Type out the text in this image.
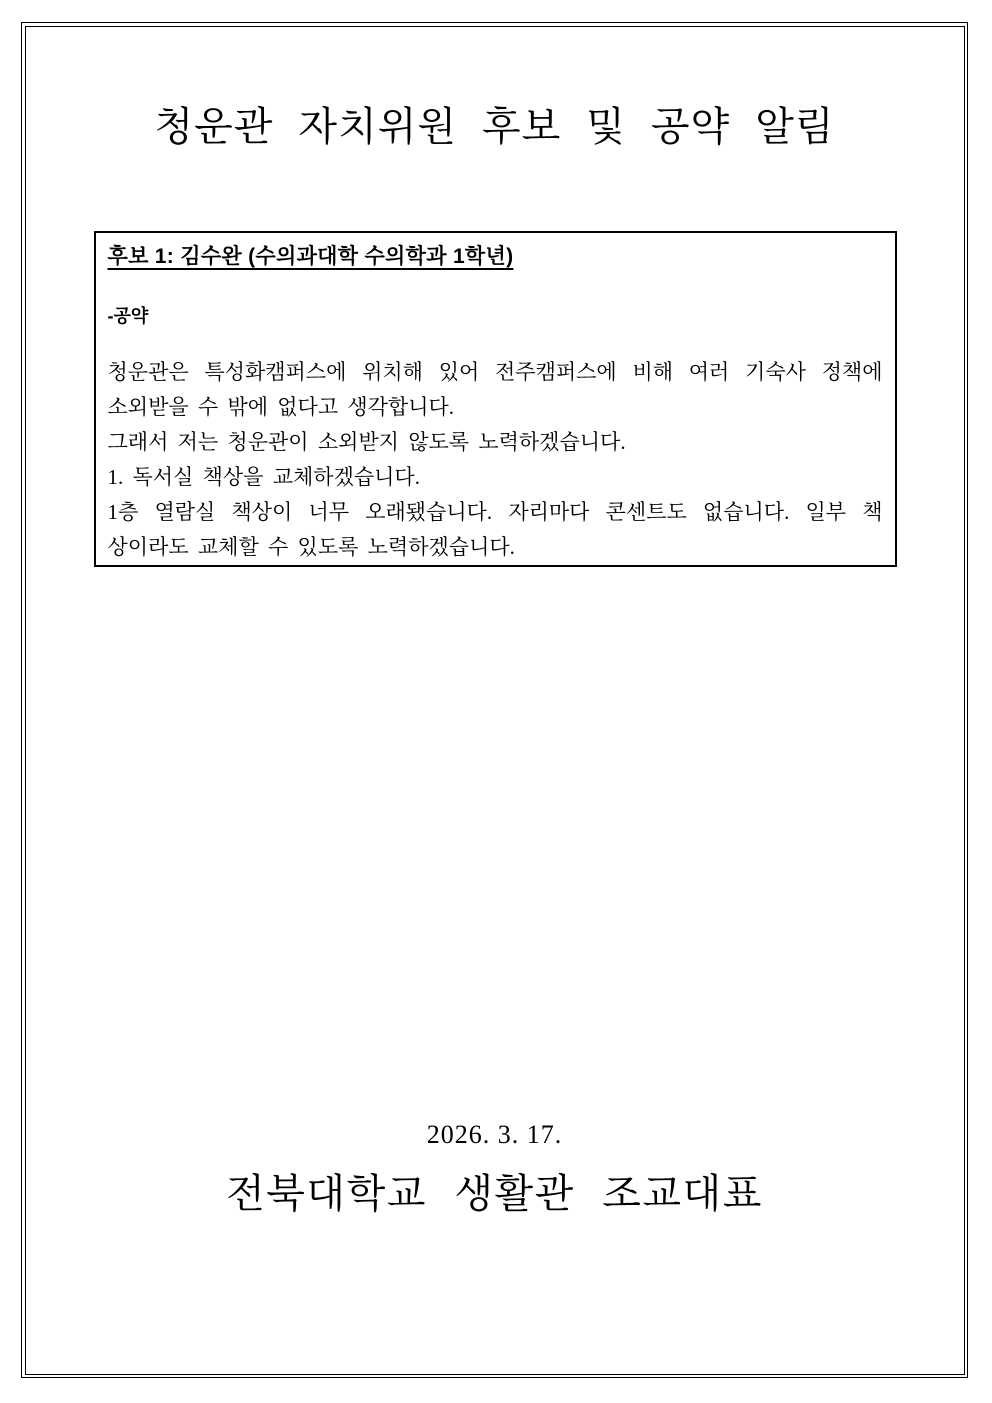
청운관 자치위원 후보 및 공약 알림
후보 1: 김수완 (수의과대학 수의학과 1학년)
-공약
청운관은 특성화캠퍼스에 위치해 있어 전주캠퍼스에 비해 여러 기숙사 정책에
소외받을 수 밖에 없다고 생각합니다.
그래서 저는 청운관이 소외받지 않도록 노력하겠습니다.
1. 독서실 책상을 교체하겠습니다.
1층 열람실 책상이 너무 오래됐습니다. 자리마다 콘센트도 없습니다. 일부 책
상이라도 교체할 수 있도록 노력하겠습니다.
2026. 3. 17.
전북대학교 생활관 조교대표
